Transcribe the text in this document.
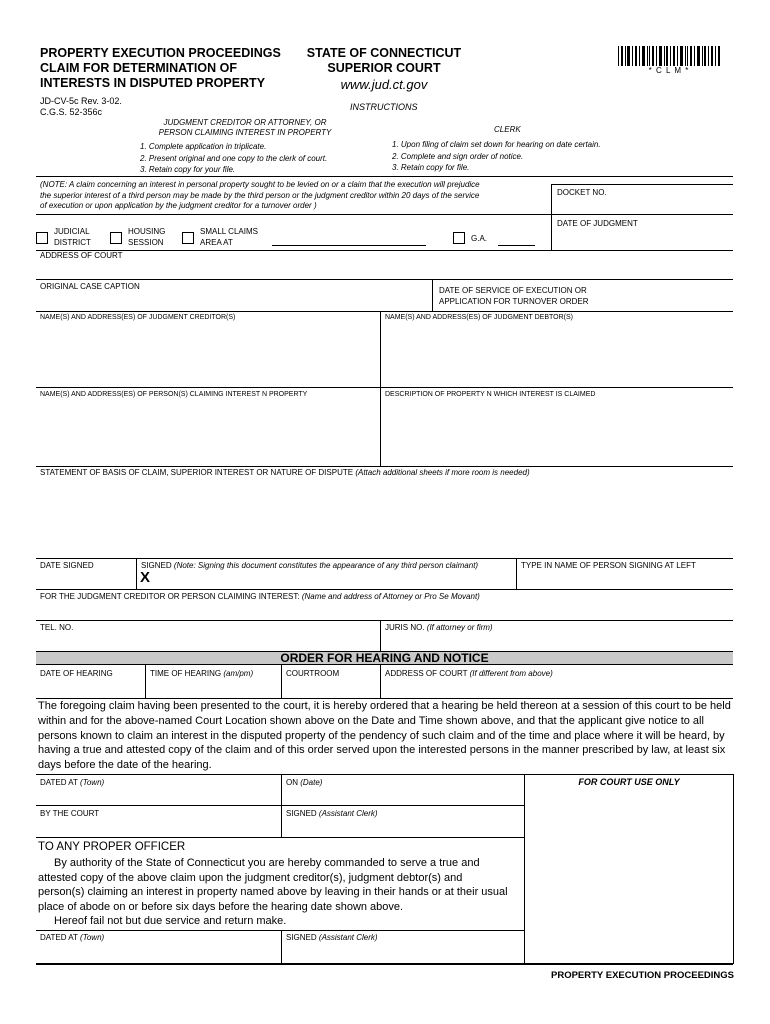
PROPERTY EXECUTION PROCEEDINGS
CLAIM FOR DETERMINATION OF
INTERESTS IN DISPUTED PROPERTY
JD-CV-5c Rev. 3-02.
C.G.S. 52-356c
STATE OF CONNECTICUT
SUPERIOR COURT
www.jud.ct.gov
* C L M *
INSTRUCTIONS
JUDGMENT CREDITOR OR ATTORNEY, OR
PERSON CLAIMING INTEREST IN PROPERTY
1. Complete application in triplicate.
2. Present original and one copy to the clerk of court.
3. Retain copy for your file.
CLERK
1. Upon filing of claim set down for hearing on date certain.
2. Complete and sign order of notice.
3. Retain copy for file.
(NOTE: A claim concerning an interest in personal property sought to be levied on or a claim that the execution will prejudice
the superior interest of a third person may be made by the third person or the judgment creditor within 20 days of the service
of execution or upon application by the judgment creditor for a turnover order )
DOCKET NO.
DATE OF JUDGMENT
JUDICIAL
DISTRICT
HOUSING
SESSION
SMALL CLAIMS
AREA AT	G.A.
ADDRESS OF COURT
ORIGINAL CASE CAPTION	DATE OF SERVICE OF EXECUTION OR
APPLICATION FOR TURNOVER ORDER
NAME(S) AND ADDRESS(ES) OF JUDGMENT CREDITOR(S)	NAME(S) AND ADDRESS(ES) OF JUDGMENT DEBTOR(S)
NAME(S) AND ADDRESS(ES) OF PERSON(S) CLAIMING INTEREST N PROPERTY	DESCRIPTION OF PROPERTY N WHICH INTEREST IS CLAIMED
STATEMENT OF BASIS OF CLAIM, SUPERIOR INTEREST OR NATURE OF DISPUTE (Attach additional sheets if more room is needed)
DATE SIGNED	SIGNED (Note: Signing this document constitutes the appearance of any third person claimant)
X
TYPE IN NAME OF PERSON SIGNING AT LEFT
FOR THE JUDGMENT CREDITOR OR PERSON CLAIMING INTEREST: (Name and address of Attorney or Pro Se Movant)
TEL. NO.	JURIS NO. (If attorney or firm)
ORDER FOR HEARING AND NOTICE
DATE OF HEARING	TIME OF HEARING (am/pm)	COURTROOM	ADDRESS OF COURT (If different from above)
The foregoing claim having been presented to the court, it is hereby ordered that a hearing be held thereon at a session of this court to be held within and for the above-named Court Location shown above on the Date and Time shown above, and that the applicant give notice to all persons known to claim an interest in the disputed property of the pendency of such claim and of the time and place where it will be heard, by having a true and attested copy of the claim and of this order served upon the interested persons in the manner prescribed by law, at least six days before the date of the hearing.
FOR COURT USE ONLY
DATED AT (Town)	ON (Date)
BY THE COURT	SIGNED (Assistant Clerk)
TO ANY PROPER OFFICER
By authority of the State of Connecticut you are hereby commanded to serve a true and
attested copy of the above claim upon the judgment creditor(s), judgment debtor(s) and
person(s) claiming an interest in property named above by leaving in their hands or at their usual
place of abode on or before six days before the hearing date shown above.
Hereof fail not but due service and return make.
DATED AT (Town)	SIGNED (Assistant Clerk)
PROPERTY EXECUTION PROCEEDINGS
